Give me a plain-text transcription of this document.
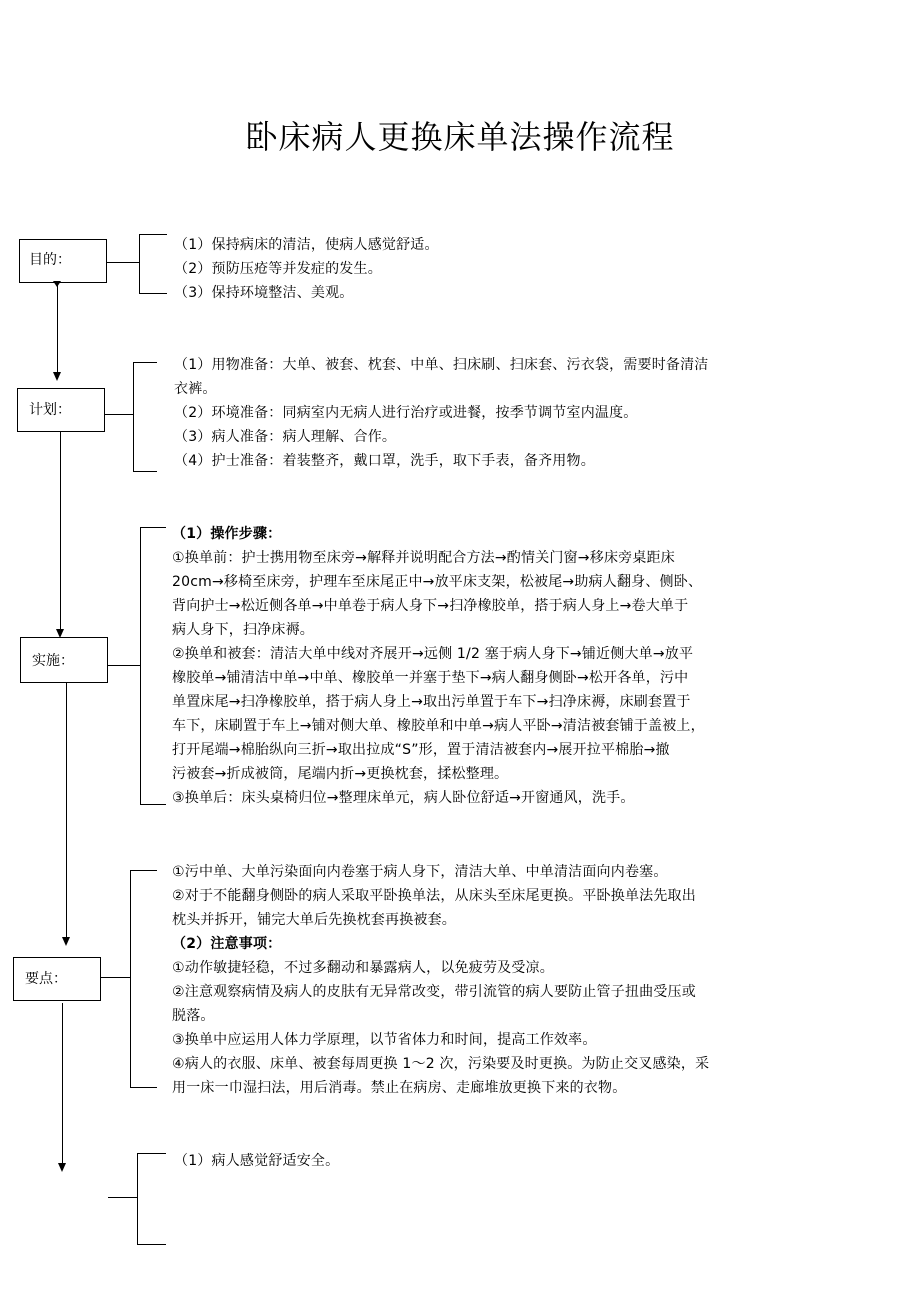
卧床病人更换床单法操作流程
目的：
计划：
实施：
要点：

（1）保持病床的清洁，使病人感觉舒适。

（2）预防压疮等并发症的发生。

（3）保持环境整洁、美观。

（1）用物准备：大单、被套、枕套、中单、扫床刷、扫床套、污衣袋，需要时备清洁

衣裤。

（2）环境准备：同病室内无病人进行治疗或进餐，按季节调节室内温度。

（3）病人准备：病人理解、合作。

（4）护士准备：着装整齐，戴口罩，洗手，取下手表，备齐用物。

（1）操作步骤：

①换单前：护士携用物至床旁→解释并说明配合方法→酌情关门窗→移床旁桌距床

20cm→移椅至床旁，护理车至床尾正中→放平床支架，松被尾→助病人翻身、侧卧、

背向护士→松近侧各单→中单卷于病人身下→扫净橡胶单，搭于病人身上→卷大单于

病人身下，扫净床褥。

②换单和被套：清洁大单中线对齐展开→远侧 1/2 塞于病人身下→铺近侧大单→放平

橡胶单→铺清洁中单→中单、橡胶单一并塞于垫下→病人翻身侧卧→松开各单，污中

单置床尾→扫净橡胶单，搭于病人身上→取出污单置于车下→扫净床褥，床刷套置于

车下，床刷置于车上→铺对侧大单、橡胶单和中单→病人平卧→清洁被套铺于盖被上，

打开尾端→棉胎纵向三折→取出拉成“S”形，置于清洁被套内→展开拉平棉胎→撤

污被套→折成被筒，尾端内折→更换枕套，揉松整理。

③换单后：床头桌椅归位→整理床单元，病人卧位舒适→开窗通风，洗手。

①污中单、大单污染面向内卷塞于病人身下，清洁大单、中单清洁面向内卷塞。

②对于不能翻身侧卧的病人采取平卧换单法，从床头至床尾更换。平卧换单法先取出

枕头并拆开，铺完大单后先换枕套再换被套。

（2）注意事项：

①动作敏捷轻稳，不过多翻动和暴露病人，以免疲劳及受凉。

②注意观察病情及病人的皮肤有无异常改变，带引流管的病人要防止管子扭曲受压或

脱落。

③换单中应运用人体力学原理，以节省体力和时间，提高工作效率。

④病人的衣服、床单、被套每周更换 1～2 次，污染要及时更换。为防止交叉感染，采

用一床一巾湿扫法，用后消毒。禁止在病房、走廊堆放更换下来的衣物。

（1）病人感觉舒适安全。
